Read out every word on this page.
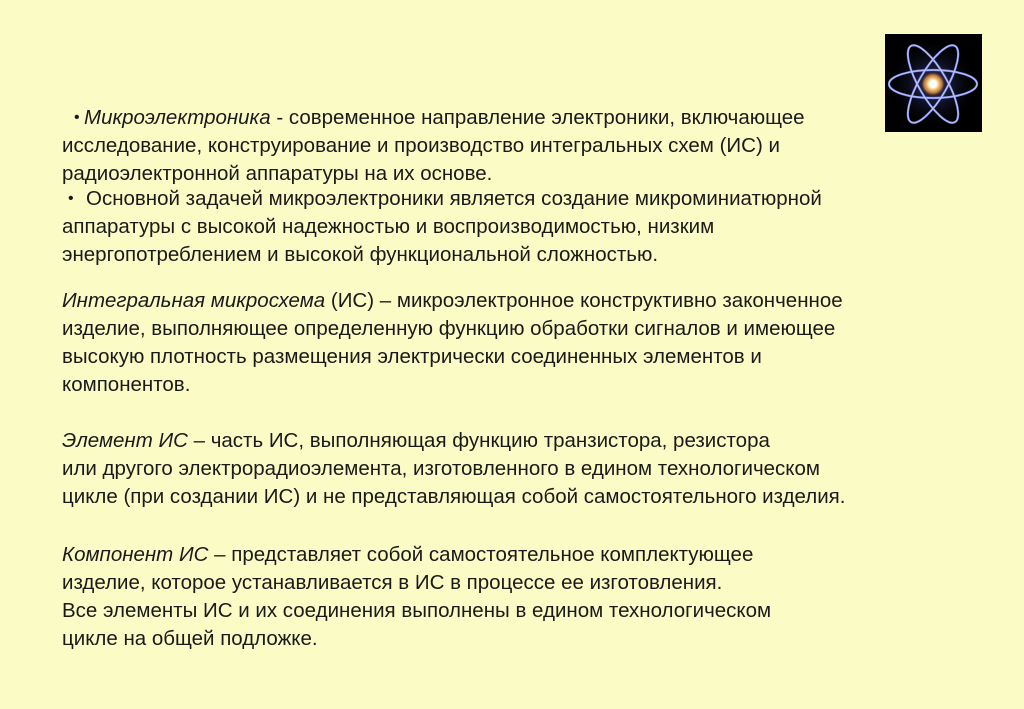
• Микроэлектроника - современное направление электроники, включающее
исследование, конструирование и производство интегральных схем (ИС) и
радиоэлектронной аппаратуры на их основе.
• Основной задачей микроэлектроники является создание микроминиатюрной
аппаратуры с высокой надежностью и воспроизводимостью, низким
энергопотреблением и высокой функциональной сложностью.
Интегральная микросхема (ИС) – микроэлектронное конструктивно законченное
изделие, выполняющее определенную функцию обработки сигналов и имеющее
высокую плотность размещения электрически соединенных элементов и
компонентов.
Элемент ИС – часть ИС, выполняющая функцию транзистора, резистора
или другого электрорадиоэлемента, изготовленного в едином технологическом
цикле (при создании ИС) и не представляющая собой самостоятельного изделия.
Компонент ИС – представляет собой самостоятельное комплектующее
изделие, которое устанавливается в ИС в процессе ее изготовления.
Все элементы ИС и их соединения выполнены в едином технологическом
цикле на общей подложке.
